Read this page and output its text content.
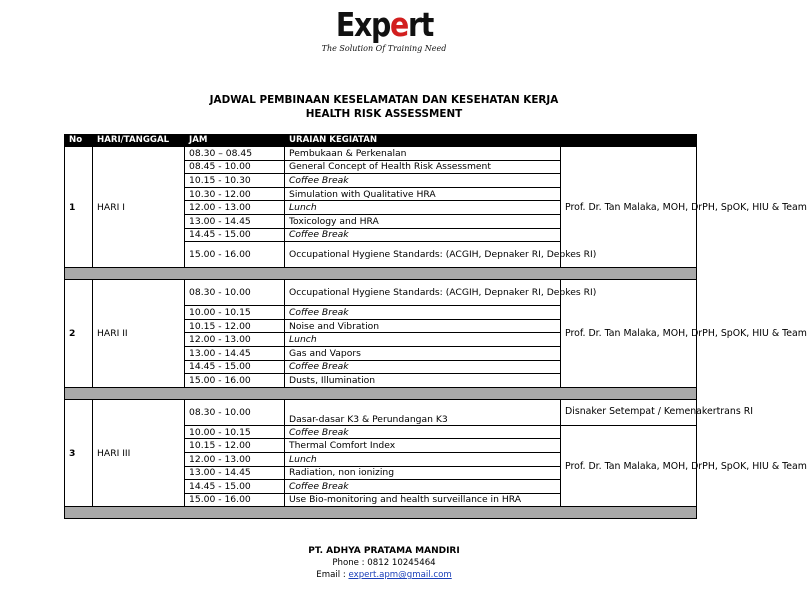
Expert
The Solution Of Training Need
JADWAL PEMBINAAN KESELAMATAN DAN KESEHATAN KERJA
HEALTH RISK ASSESSMENT
No	HARI/TANGGAL	JAM	URAIAN KEGIATAN	
1	HARI I	08.30 – 08.45	Pembukaan & Perkenalan	Prof. Dr. Tan Malaka, MOH, DrPH, SpOK, HIU & Team
		08.45 - 10.00	General Concept of Health Risk Assessment	
		10.15 - 10.30	Coffee Break	
		10.30 - 12.00	Simulation with Qualitative HRA	
		12.00 - 13.00	Lunch	
		13.00 - 14.45	Toxicology and HRA	
		14.45 - 15.00	Coffee Break	
		15.00 - 16.00	Occupational Hygiene Standards: (ACGIH, Depnaker RI, Depkes RI)	

2	HARI II	08.30 - 10.00	Occupational Hygiene Standards: (ACGIH, Depnaker RI, Depkes RI)	Prof. Dr. Tan Malaka, MOH, DrPH, SpOK, HIU & Team
		10.00 - 10.15	Coffee Break	
		10.15 - 12.00	Noise and Vibration	
		12.00 - 13.00	Lunch	
		13.00 - 14.45	Gas and Vapors	
		14.45 - 15.00	Coffee Break	
		15.00 - 16.00	Dusts, Illumination	

3	HARI III	08.30 - 10.00	Dasar-dasar K3 & Perundangan K3	Disnaker Setempat / Kemenakertrans RI
		10.00 - 10.15	Coffee Break	Prof. Dr. Tan Malaka, MOH, DrPH, SpOK, HIU & Team
		10.15 - 12.00	Thermal Comfort Index	
		12.00 - 13.00	Lunch	
		13.00 - 14.45	Radiation, non ionizing	
		14.45 - 15.00	Coffee Break	
		15.00 - 16.00	Use Bio-monitoring and health surveillance in HRA	

PT. ADHYA PRATAMA MANDIRI
Phone : 0812 10245464
Email : expert.apm@gmail.com
